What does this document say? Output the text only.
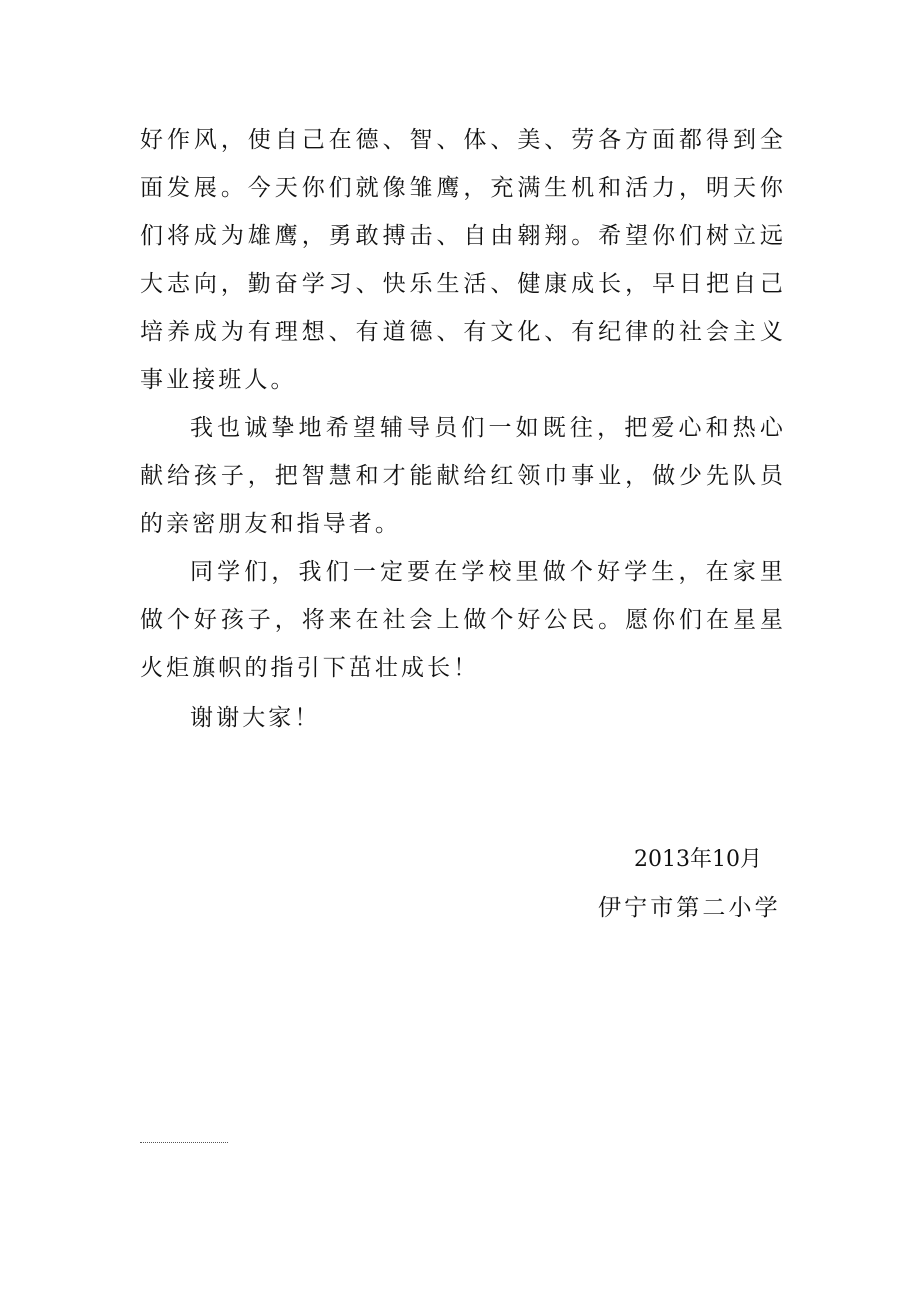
好作风，使自己在德、智、体、美、劳各方面都得到全面发展。今天你们就像雏鹰，充满生机和活力，明天你们将成为雄鹰，勇敢搏击、自由翱翔。希望你们树立远大志向，勤奋学习、快乐生活、健康成长，早日把自己培养成为有理想、有道德、有文化、有纪律的社会主义事业接班人。

我也诚挚地希望辅导员们一如既往，把爱心和热心献给孩子，把智慧和才能献给红领巾事业，做少先队员的亲密朋友和指导者。

同学们，我们一定要在学校里做个好学生，在家里做个好孩子，将来在社会上做个好公民。愿你们在星星火炬旗帜的指引下茁壮成长！

谢谢大家！

2013年10月

伊宁市第二小学
